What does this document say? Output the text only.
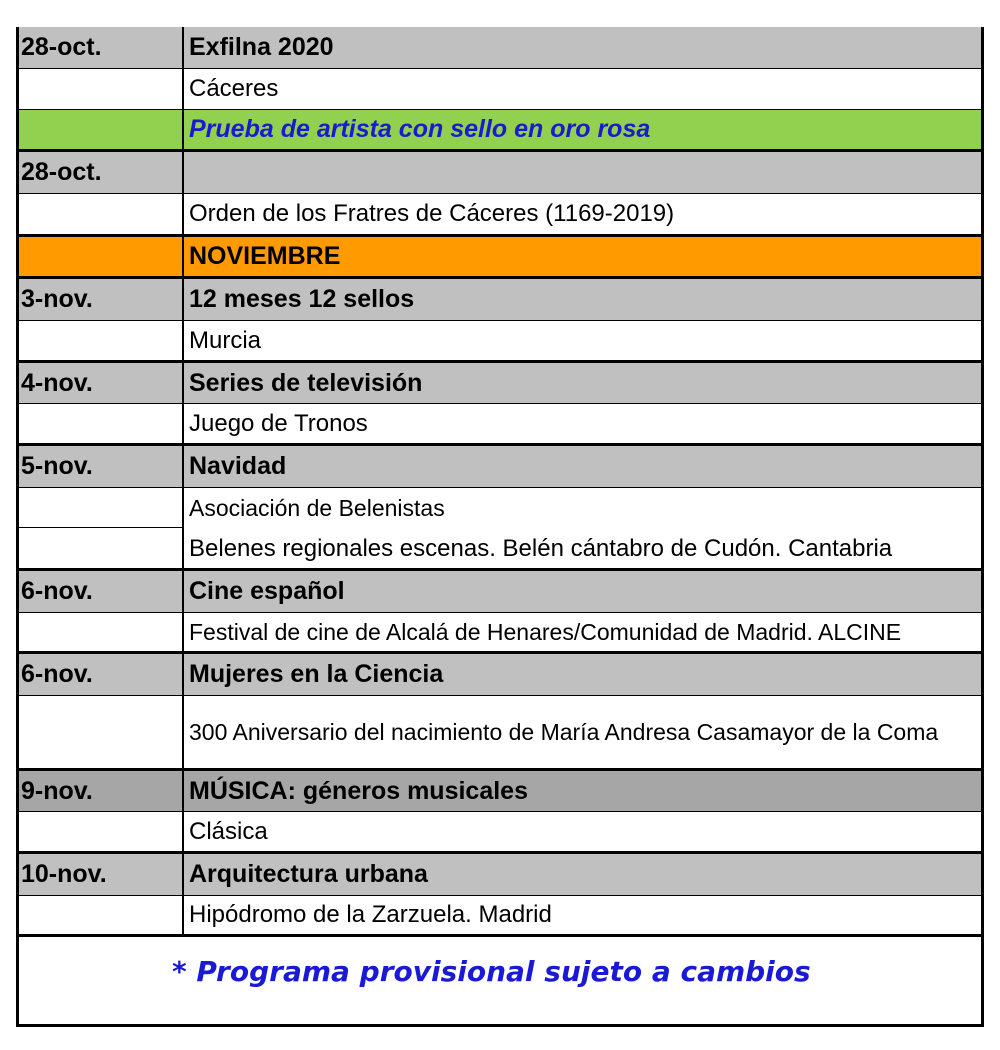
28-oct.	Exfilna 2020
Cáceres
Prueba de artista con sello en oro rosa
28-oct.
Orden de los Fratres de Cáceres (1169-2019)
NOVIEMBRE
3-nov.	12 meses 12 sellos
Murcia
4-nov.	Series de televisión
Juego de Tronos
5-nov.	Navidad
Asociación de Belenistas
Belenes regionales escenas. Belén cántabro de Cudón. Cantabria
6-nov.	Cine español
Festival de cine de Alcalá de Henares/Comunidad de Madrid. ALCINE
6-nov.	Mujeres en la Ciencia
300 Aniversario del nacimiento de María Andresa Casamayor de la Coma
9-nov.	MÚSICA: géneros musicales
Clásica
10-nov.	Arquitectura urbana
Hipódromo de la Zarzuela. Madrid
* Programa provisional sujeto a cambios
